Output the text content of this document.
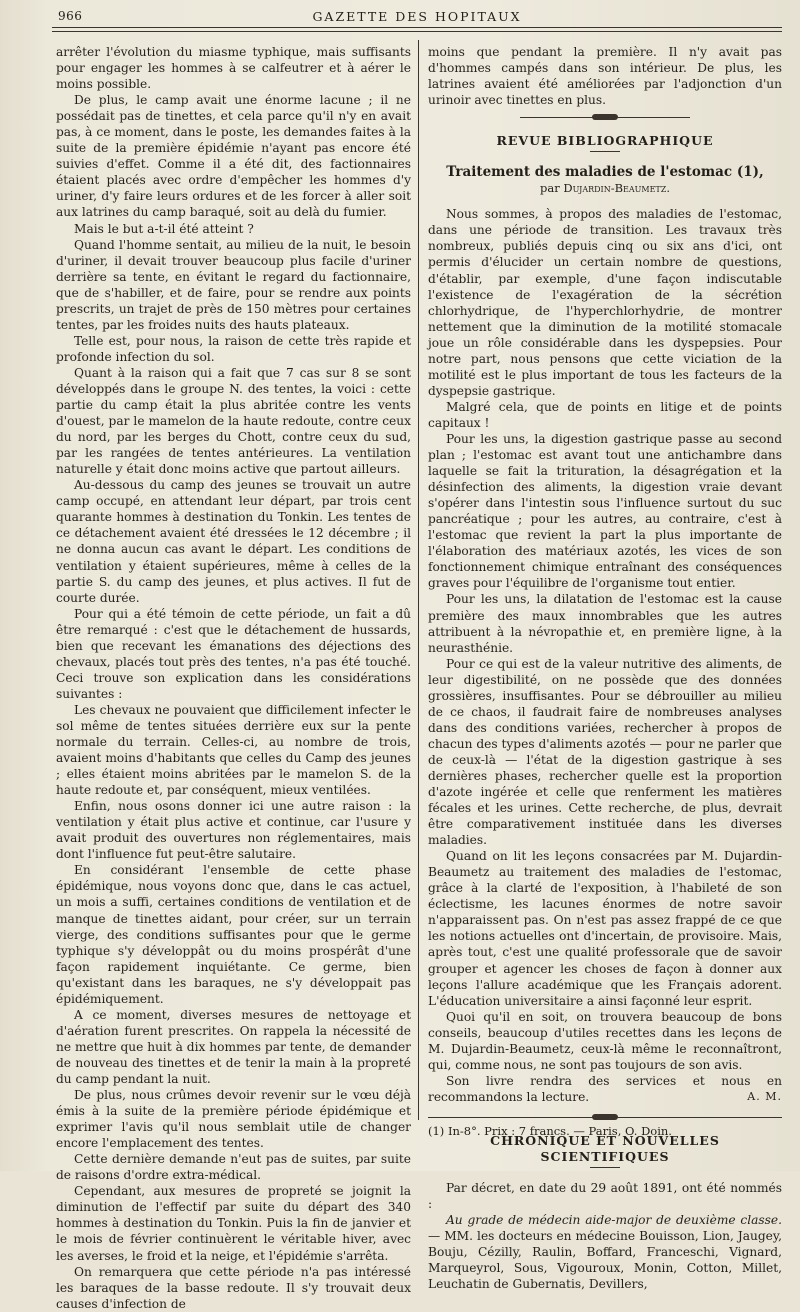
966	GAZETTE DES HOPITAUX

arrêter l'évolution du miasme typhique, mais suffisants pour engager les hommes à se calfeutrer et à aérer le moins possible.

De plus, le camp avait une énorme lacune ; il ne possédait pas de tinettes, et cela parce qu'il n'y en avait pas, à ce moment, dans le poste, les demandes faites à la suite de la première épidémie n'ayant pas encore été suivies d'effet. Comme il a été dit, des factionnaires étaient placés avec ordre d'empêcher les hommes d'y uriner, d'y faire leurs ordures et de les forcer à aller soit aux latrines du camp baraqué, soit au delà du fumier.

Mais le but a-t-il été atteint ?

Quand l'homme sentait, au milieu de la nuit, le besoin d'uriner, il devait trouver beaucoup plus facile d'uriner derrière sa tente, en évitant le regard du factionnaire, que de s'habiller, et de faire, pour se rendre aux points prescrits, un trajet de près de 150 mètres pour certaines tentes, par les froides nuits des hauts plateaux.

Telle est, pour nous, la raison de cette très rapide et profonde infection du sol.

Quant à la raison qui a fait que 7 cas sur 8 se sont développés dans le groupe N. des tentes, la voici : cette partie du camp était la plus abritée contre les vents d'ouest, par le mamelon de la haute redoute, contre ceux du nord, par les berges du Chott, contre ceux du sud, par les rangées de tentes antérieures. La ventilation naturelle y était donc moins active que partout ailleurs.

Au-dessous du camp des jeunes se trouvait un autre camp occupé, en attendant leur départ, par trois cent quarante hommes à destination du Tonkin. Les tentes de ce détachement avaient été dressées le 12 décembre ; il ne donna aucun cas avant le départ. Les conditions de ventilation y étaient supérieures, même à celles de la partie S. du camp des jeunes, et plus actives. Il fut de courte durée.

Pour qui a été témoin de cette période, un fait a dû être remarqué : c'est que le détachement de hussards, bien que recevant les émanations des déjections des chevaux, placés tout près des tentes, n'a pas été touché. Ceci trouve son explication dans les considérations suivantes :

Les chevaux ne pouvaient que difficilement infecter le sol même de tentes situées derrière eux sur la pente normale du terrain. Celles-ci, au nombre de trois, avaient moins d'habitants que celles du Camp des jeunes ; elles étaient moins abritées par le mamelon S. de la haute redoute et, par conséquent, mieux ventilées.

Enfin, nous osons donner ici une autre raison : la ventilation y était plus active et continue, car l'usure y avait produit des ouvertures non réglementaires, mais dont l'influence fut peut-être salutaire.

En considérant l'ensemble de cette phase épidémique, nous voyons donc que, dans le cas actuel, un mois a suffi, certaines conditions de ventilation et de manque de tinettes aidant, pour créer, sur un terrain vierge, des conditions suffisantes pour que le germe typhique s'y développât ou du moins prospérât d'une façon rapidement inquiétante. Ce germe, bien qu'existant dans les baraques, ne s'y développait pas épidémiquement.

A ce moment, diverses mesures de nettoyage et d'aération furent prescrites. On rappela la nécessité de ne mettre que huit à dix hommes par tente, de demander de nouveau des tinettes et de tenir la main à la propreté du camp pendant la nuit.

De plus, nous crûmes devoir revenir sur le vœu déjà émis à la suite de la première période épidémique et exprimer l'avis qu'il nous semblait utile de changer encore l'emplacement des tentes.

Cette dernière demande n'eut pas de suites, par suite de raisons d'ordre extra-médical.

Cependant, aux mesures de propreté se joignit la diminution de l'effectif par suite du départ des 340 hommes à destination du Tonkin. Puis la fin de janvier et le mois de février continuèrent le véritable hiver, avec les averses, le froid et la neige, et l'épidémie s'arrêta.

On remarquera que cette période n'a pas intéressé les baraques de la basse redoute. Il s'y trouvait deux causes d'infection de

moins que pendant la première. Il n'y avait pas d'hommes campés dans son intérieur. De plus, les latrines avaient été améliorées par l'adjonction d'un urinoir avec tinettes en plus.

REVUE BIBLIOGRAPHIQUE
Traitement des maladies de l'estomac (1),
par Dujardin-Beaumetz.

Nous sommes, à propos des maladies de l'estomac, dans une période de transition. Les travaux très nombreux, publiés depuis cinq ou six ans d'ici, ont permis d'élucider un certain nombre de questions, d'établir, par exemple, d'une façon indiscutable l'existence de l'exagération de la sécrétion chlorhydrique, de l'hyperchlorhydrie, de montrer nettement que la diminution de la motilité stomacale joue un rôle considérable dans les dyspepsies. Pour notre part, nous pensons que cette viciation de la motilité est le plus important de tous les facteurs de la dyspepsie gastrique.

Malgré cela, que de points en litige et de points capitaux !

Pour les uns, la digestion gastrique passe au second plan ; l'estomac est avant tout une antichambre dans laquelle se fait la trituration, la désagrégation et la désinfection des aliments, la digestion vraie devant s'opérer dans l'intestin sous l'influence surtout du suc pancréatique ; pour les autres, au contraire, c'est à l'estomac que revient la part la plus importante de l'élaboration des matériaux azotés, les vices de son fonctionnement chimique entraînant des conséquences graves pour l'équilibre de l'organisme tout entier.

Pour les uns, la dilatation de l'estomac est la cause première des maux innombrables que les autres attribuent à la névropathie et, en première ligne, à la neurasthénie.

Pour ce qui est de la valeur nutritive des aliments, de leur digestibilité, on ne possède que des données grossières, insuffisantes. Pour se débrouiller au milieu de ce chaos, il faudrait faire de nombreuses analyses dans des conditions variées, rechercher à propos de chacun des types d'aliments azotés — pour ne parler que de ceux-là — l'état de la digestion gastrique à ses dernières phases, rechercher quelle est la proportion d'azote ingérée et celle que renferment les matières fécales et les urines. Cette recherche, de plus, devrait être comparativement instituée dans les diverses maladies.

Quand on lit les leçons consacrées par M. Dujardin-Beaumetz au traitement des maladies de l'estomac, grâce à la clarté de l'exposition, à l'habileté de son éclectisme, les lacunes énormes de notre savoir n'apparaissent pas. On n'est pas assez frappé de ce que les notions actuelles ont d'incertain, de provisoire. Mais, après tout, c'est une qualité professorale que de savoir grouper et agencer les choses de façon à donner aux leçons l'allure académique que les Français adorent. L'éducation universitaire a ainsi façonné leur esprit.

Quoi qu'il en soit, on trouvera beaucoup de bons conseils, beaucoup d'utiles recettes dans les leçons de M. Dujardin-Beaumetz, ceux-là même le reconnaîtront, qui, comme nous, ne sont pas toujours de son avis.

Son livre rendra des services et nous en recommandons la lecture.	A. M.

CHRONIQUE ET NOUVELLES SCIENTIFIQUES

Par décret, en date du 29 août 1891, ont été nommés :

Au grade de médecin aide-major de deuxième classe. — MM. les docteurs en médecine Bouisson, Lion, Jaugey, Bouju, Cézilly, Raulin, Boffard, Franceschi, Vignard, Marqueyrol, Sous, Vigouroux, Monin, Cotton, Millet, Leuchatin de Gubernatis, Devillers,

(1) In-8°. Prix : 7 francs. — Paris, O. Doin.
